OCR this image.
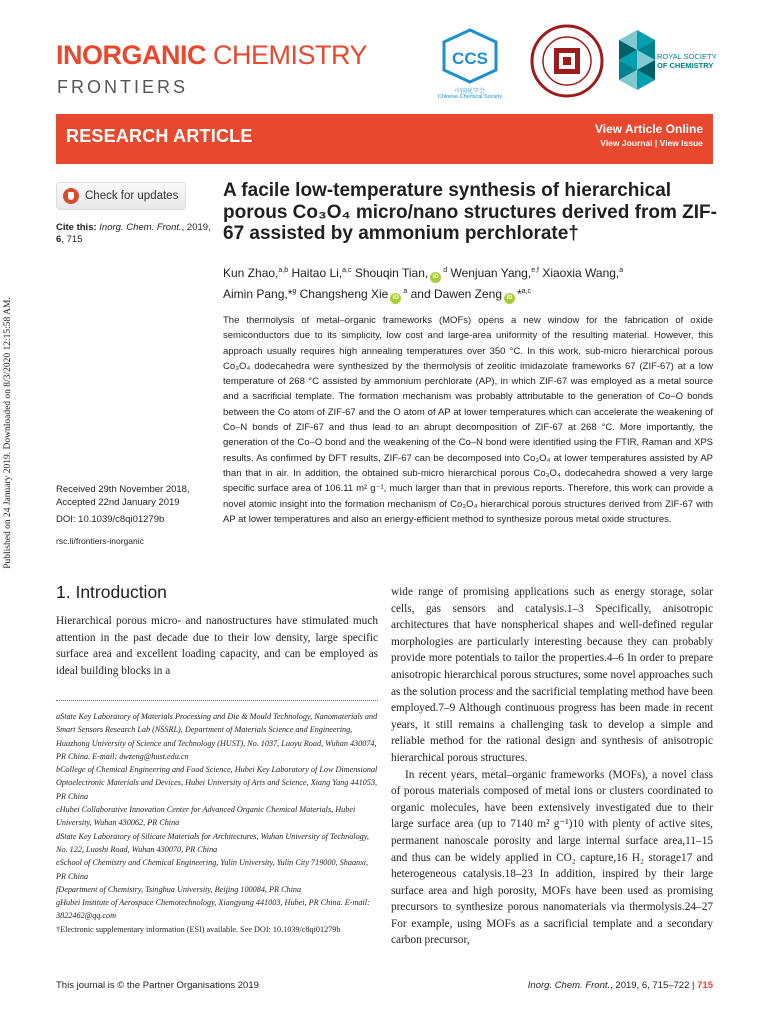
Published on 24 January 2019. Downloaded on 8/3/2020 12:15:58 AM.
INORGANIC CHEMISTRY
FRONTIERS
CCS
中国化学会
Chinese Chemical Society
ROYAL SOCIETY
OF CHEMISTRY
RESEARCH ARTICLE	View Article Online
View Journal | View Issue
Check for updates
Cite this: Inorg. Chem. Front., 2019,
6, 715
A facile low-temperature synthesis of hierarchical porous Co₃O₄ micro/nano structures derived from ZIF-67 assisted by ammonium perchlorate†
Kun Zhao,$^{a,b}$ Haitao Li,$^{a,c}$ Shouqin Tian, $iD^d$ Wenjuan Yang,$^{e,f}$ Xiaoxia Wang,$^a$
Aimin Pang,*$^g$ Changsheng Xie $iD^a$ and Dawen Zeng iD *$^{a,c}$
The thermolysis of metal–organic frameworks (MOFs) opens a new window for the fabrication of oxide semiconductors due to its simplicity, low cost and large-area uniformity of the resulting material. However, this approach usually requires high annealing temperatures over 350 °C. In this work, sub-micro hierarchical porous Co₃O₄ dodecahedra were synthesized by the thermolysis of zeolitic imidazolate frameworks 67 (ZIF-67) at a low temperature of 268 °C assisted by ammonium perchlorate (AP), in which ZIF-67 was employed as a metal source and a sacrificial template. The formation mechanism was probably attributable to the generation of Co–O bonds between the Co atom of ZIF-67 and the O atom of AP at lower temperatures which can accelerate the weakening of Co–N bonds of ZIF-67 and thus lead to an abrupt decomposition of ZIF-67 at 268 °C. More importantly, the generation of the Co–O bond and the weakening of the Co–N bond were identified using the FTIR, Raman and XPS results. As confirmed by DFT results, ZIF-67 can be decomposed into Co₃O₄ at lower temperatures assisted by AP than that in air. In addition, the obtained sub-micro hierarchical porous Co₃O₄ dodecahedra showed a very large specific surface area of 106.11 m² g⁻¹, much larger than that in previous reports. Therefore, this work can provide a novel atomic insight into the formation mechanism of Co₃O₄ hierarchical porous structures derived from ZIF-67 with AP at lower temperatures and also an energy-efficient method to synthesize porous metal oxide structures.
Received 29th November 2018,
Accepted 22nd January 2019
DOI: 10.1039/c8qi01279b
rsc.li/frontiers-inorganic
1. Introduction
Hierarchical porous micro- and nanostructures have stimulated much attention in the past decade due to their low density, large specific surface area and excellent loading capacity, and can be employed as ideal building blocks in a
aState Key Laboratory of Materials Processing and Die & Mould Technology, Nanomaterials and Smart Sensors Research Lab (NSSRL), Department of Materials Science and Engineering, Huazhong University of Science and Technology (HUST), No. 1037, Luoyu Road, Wuhan 430074, PR China. E-mail: dwzeng@hust.edu.cn
bCollege of Chemical Engineering and Food Science, Hubei Key Laboratory of Low Dimensional Optoelectronic Materials and Devices, Hubei University of Arts and Science, Xiang Yang 441053, PR China
cHubei Collaborative Innovation Center for Advanced Organic Chemical Materials, Hubei University, Wuhan 430062, PR China
dState Key Laboratory of Silicate Materials for Architectures, Wuhan University of Technology, No. 122, Luoshi Road, Wuhan 430070, PR China
eSchool of Chemistry and Chemical Engineering, Yulin University, Yulin City 719000, Shaanxi, PR China
fDepartment of Chemistry, Tsinghua University, Beijing 100084, PR China
gHubei Institute of Aerospace Chemotechnology, Xiangyang 441003, Hubei, PR China. E-mail: 3822462@qq.com
†Electronic supplementary information (ESI) available. See DOI: 10.1039/c8qi01279b

wide range of promising applications such as energy storage, solar cells, gas sensors and catalysis.1–3 Specifically, anisotropic architectures that have nonspherical shapes and well-defined regular morphologies are particularly interesting because they can probably provide more potentials to tailor the properties.4–6 In order to prepare anisotropic hierarchical porous structures, some novel approaches such as the solution process and the sacrificial templating method have been employed.7–9 Although continuous progress has been made in recent years, it still remains a challenging task to develop a simple and reliable method for the rational design and synthesis of anisotropic hierarchical porous structures.

In recent years, metal–organic frameworks (MOFs), a novel class of porous materials composed of metal ions or clusters coordinated to organic molecules, have been extensively investigated due to their large surface area (up to 7140 m² g⁻¹)10 with plenty of active sites, permanent nanoscale porosity and large internal surface area,11–15 and thus can be widely applied in CO₂ capture,16 H₂ storage17 and heterogeneous catalysis.18–23 In addition, inspired by their large surface area and high porosity, MOFs have been used as promising precursors to synthesize porous nanomaterials via thermolysis.24–27 For example, using MOFs as a sacrificial template and a secondary carbon precursor,

This journal is © the Partner Organisations 2019	Inorg. Chem. Front., 2019, 6, 715–722 | 715
